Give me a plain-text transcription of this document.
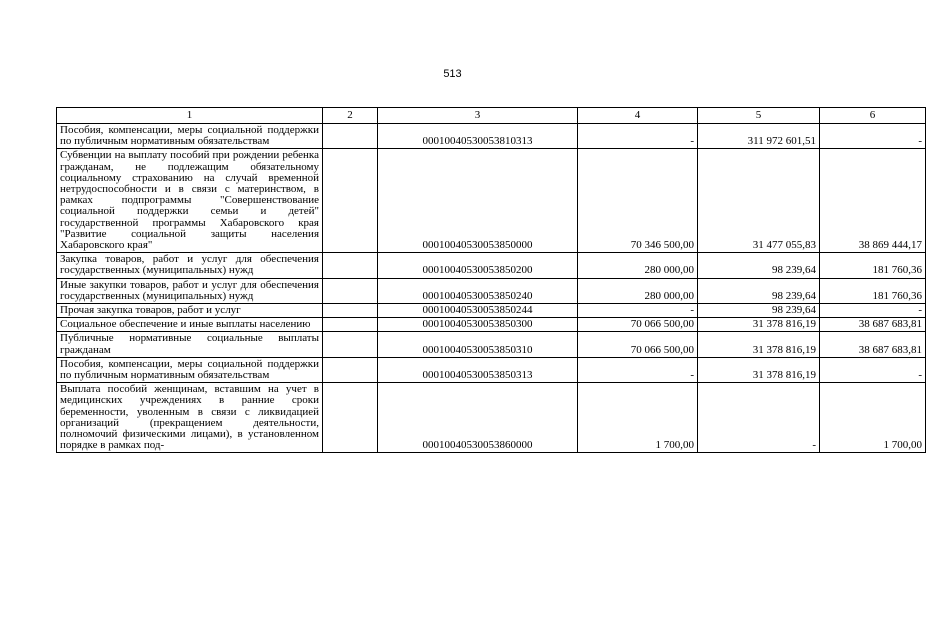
513
1	2	3	4	5	6
Пособия, компенсации, меры социальной поддержки по публичным нормативным обязательствам		00010040530053810313	-	311 972 601,51	-
Субвенции на выплату пособий при рождении ребенка гражданам, не подлежащим обязательному социальному страхованию на случай временной нетрудоспособности и в связи с материнством, в рамках подпрограммы "Совершенствование социальной поддержки семьи и детей" государственной программы Хабаровского края "Развитие социальной защиты населения Хабаровского края"		00010040530053850000	70 346 500,00	31 477 055,83	38 869 444,17
Закупка товаров, работ и услуг для обеспечения государственных (муниципальных) нужд		00010040530053850200	280 000,00	98 239,64	181 760,36
Иные закупки товаров, работ и услуг для обеспечения государственных (муниципальных) нужд		00010040530053850240	280 000,00	98 239,64	181 760,36
Прочая закупка товаров, работ и услуг		00010040530053850244	-	98 239,64	-
Социальное обеспечение и иные выплаты населению		00010040530053850300	70 066 500,00	31 378 816,19	38 687 683,81
Публичные нормативные социальные выплаты гражданам		00010040530053850310	70 066 500,00	31 378 816,19	38 687 683,81
Пособия, компенсации, меры социальной поддержки по публичным нормативным обязательствам		00010040530053850313	-	31 378 816,19	-
Выплата пособий женщинам, вставшим на учет в медицинских учреждениях в ранние сроки беременности, уволенным в связи с ликвидацией организаций (прекращением деятельности, полномочий физическими лицами), в установленном порядке в рамках под-		00010040530053860000	1 700,00	-	1 700,00
